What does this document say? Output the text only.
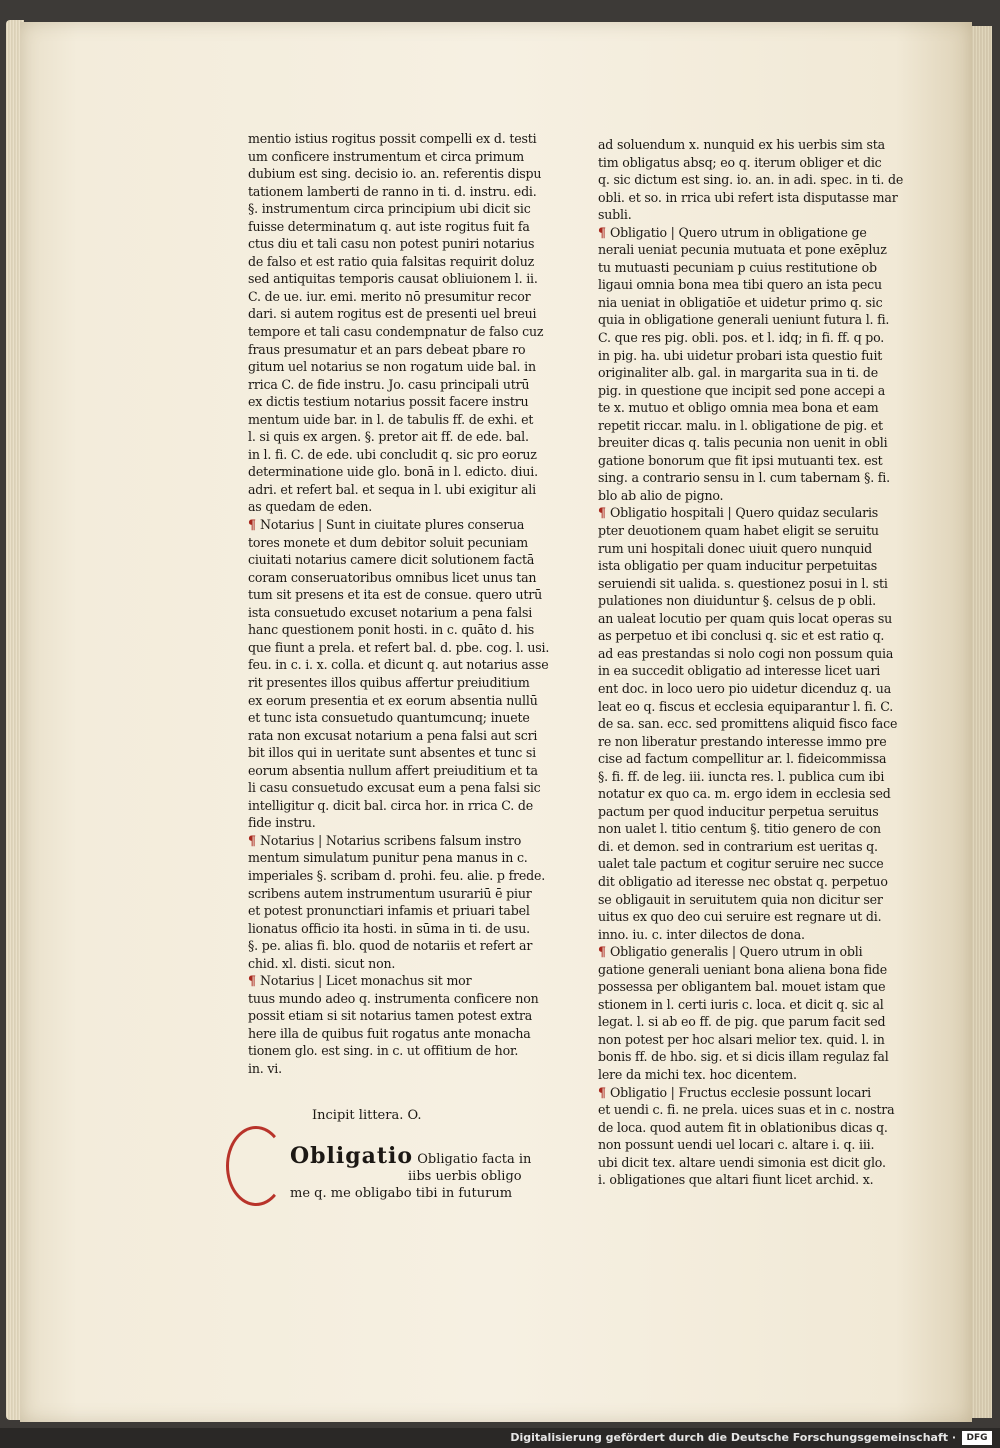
mentio istius rogitus possit compelli ex d. testi
um conficere instrumentum et circa primum
dubium est sing. decisio io. an. referentis dispu
tationem lamberti de ranno in ti. d. instru. edi.
§. instrumentum circa principium ubi dicit sic
fuisse determinatum q. aut iste rogitus fuit fa
ctus diu et tali casu non potest puniri notarius
de falso et est ratio quia falsitas requirit doluz
sed antiquitas temporis causat obliuionem l. ii.
C. de ue. iur. emi. merito nō presumitur recor
dari. si autem rogitus est de presenti uel breui
tempore et tali casu condempnatur de falso cuz
fraus presumatur et an pars debeat pbare ro
gitum uel notarius se non rogatum uide bal. in
rrica C. de fide instru. Jo. casu principali utrū
ex dictis testium notarius possit facere instru
mentum uide bar. in l. de tabulis ff. de exhi. et
l. si quis ex argen. §. pretor ait ff. de ede. bal.
in l. fi. C. de ede. ubi concludit q. sic pro eoruz
determinatione uide glo. bonā in l. edicto. diui.
adri. et refert bal. et sequa in l. ubi exigitur ali
as quedam de eden.
¶ Notarius | Sunt in ciuitate plures conserua
tores monete et dum debitor soluit pecuniam
ciuitati notarius camere dicit solutionem factā
coram conseruatoribus omnibus licet unus tan
tum sit presens et ita est de consue. quero utrū
ista consuetudo excuset notarium a pena falsi
hanc questionem ponit hosti. in c. quāto d. his
que fiunt a prela. et refert bal. d. pbe. cog. l. usi.
feu. in c. i. x. colla. et dicunt q. aut notarius asse
rit presentes illos quibus affertur preiuditium
ex eorum presentia et ex eorum absentia nullū
et tunc ista consuetudo quantumcunq; inuete
rata non excusat notarium a pena falsi aut scri
bit illos qui in ueritate sunt absentes et tunc si
eorum absentia nullum affert preiuditium et ta
li casu consuetudo excusat eum a pena falsi sic
intelligitur q. dicit bal. circa hor. in rrica C. de
fide instru.
¶ Notarius | Notarius scribens falsum instro
mentum simulatum punitur pena manus in c.
imperiales §. scribam d. prohi. feu. alie. p frede.
scribens autem instrumentum usurariū ē piur
et potest pronunctiari infamis et priuari tabel
lionatus officio ita hosti. in sūma in ti. de usu.
§. pe. alias fi. blo. quod de notariis et refert ar
chid. xl. disti. sicut non.
¶ Notarius | Licet monachus sit mor
tuus mundo adeo q. instrumenta conficere non
possit etiam si sit notarius tamen potest extra
here illa de quibus fuit rogatus ante monacha
tionem glo. est sing. in c. ut offitium de hor.
in. vi.
ad soluendum x. nunquid ex his uerbis sim sta
tim obligatus absq; eo q. iterum obliger et dic
q. sic dictum est sing. io. an. in adi. spec. in ti. de
obli. et so. in rrica ubi refert ista disputasse mar
subli.
¶ Obligatio | Quero utrum in obligatione ge
nerali ueniat pecunia mutuata et pone exēpluz
tu mutuasti pecuniam p cuius restitutione ob
ligaui omnia bona mea tibi quero an ista pecu
nia ueniat in obligatiōe et uidetur primo q. sic
quia in obligatione generali ueniunt futura l. fi.
C. que res pig. obli. pos. et l. idq; in fi. ff. q po.
in pig. ha. ubi uidetur probari ista questio fuit
originaliter alb. gal. in margarita sua in ti. de
pig. in questione que incipit sed pone accepi a
te x. mutuo et obligo omnia mea bona et eam
repetit riccar. malu. in l. obligatione de pig. et
breuiter dicas q. talis pecunia non uenit in obli
gatione bonorum que fit ipsi mutuanti tex. est
sing. a contrario sensu in l. cum tabernam §. fi.
blo ab alio de pigno.
¶ Obligatio hospitali | Quero quidaz secularis
pter deuotionem quam habet eligit se seruitu
rum uni hospitali donec uiuit quero nunquid
ista obligatio per quam inducitur perpetuitas
seruiendi sit ualida. s. questionez posui in l. sti
pulationes non diuiduntur §. celsus de p obli.
an ualeat locutio per quam quis locat operas su
as perpetuo et ibi conclusi q. sic et est ratio q.
ad eas prestandas si nolo cogi non possum quia
in ea succedit obligatio ad interesse licet uari
ent doc. in loco uero pio uidetur dicenduz q. ua
leat eo q. fiscus et ecclesia equiparantur l. fi. C.
de sa. san. ecc. sed promittens aliquid fisco face
re non liberatur prestando interesse immo pre
cise ad factum compellitur ar. l. fideicommissa
§. fi. ff. de leg. iii. iuncta res. l. publica cum ibi
notatur ex quo ca. m. ergo idem in ecclesia sed
pactum per quod inducitur perpetua seruitus
non ualet l. titio centum §. titio genero de con
di. et demon. sed in contrarium est ueritas q.
ualet tale pactum et cogitur seruire nec succe
dit obligatio ad iteresse nec obstat q. perpetuo
se obligauit in seruitutem quia non dicitur ser
uitus ex quo deo cui seruire est regnare ut di.
inno. iu. c. inter dilectos de dona.
¶ Obligatio generalis | Quero utrum in obli
gatione generali ueniant bona aliena bona fide
possessa per obligantem bal. mouet istam que
stionem in l. certi iuris c. loca. et dicit q. sic al
legat. l. si ab eo ff. de pig. que parum facit sed
non potest per hoc alsari melior tex. quid. l. in
bonis ff. de hbo. sig. et si dicis illam regulaz fal
lere da michi tex. hoc dicentem.
¶ Obligatio | Fructus ecclesie possunt locari
et uendi c. fi. ne prela. uices suas et in c. nostra
de loca. quod autem fit in oblationibus dicas q.
non possunt uendi uel locari c. altare i. q. iii.
ubi dicit tex. altare uendi simonia est dicit glo.
i. obligationes que altari fiunt licet archid. x.
Incipit littera. O.
Obligatio Obligatio facta in
iibs uerbis obligo
me q. me obligabo tibi in futurum
Digitalisierung gefördert durch die Deutsche Forschungsgemeinschaft ·	DFG
